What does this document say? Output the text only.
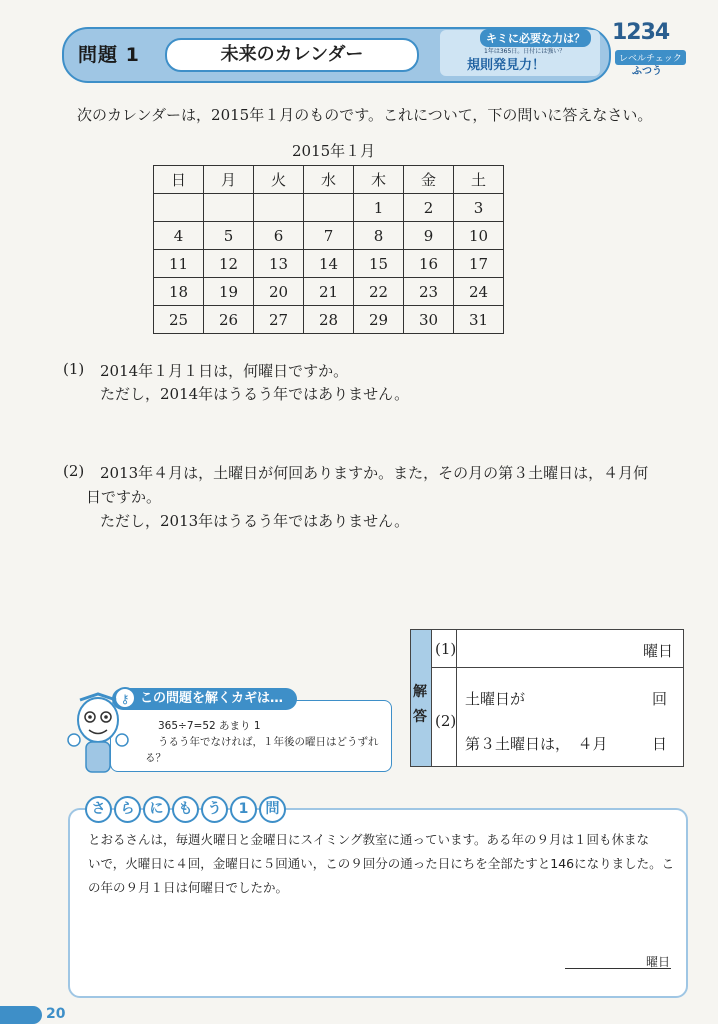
問題 1	未来のカレンダー
キミに必要な力は？
1年は365日。日付には強い？
規則発見力！
1234
レベルチェック
ふつう
次のカレンダーは，2015年１月のものです。これについて，下の問いに答えなさい。
2015年１月
日	月	火	水	木	金	土
				1	2	3
4	5	6	7	8	9	10
11	12	13	14	15	16	17
18	19	20	21	22	23	24
25	26	27	28	29	30	31
(1) 2014年１月１日は，何曜日ですか。
ただし，2014年はうるう年ではありません。
(2) 2013年４月は，土曜日が何回ありますか。また，その月の第３土曜日は，４月何
日ですか。
ただし，2013年はうるう年ではありません。
解
答
(1)	曜日
(2)
土曜日が	回
第３土曜日は，　４月	日
この問題を解くカギは…
⚷
365÷7=52 あまり 1
うるう年でなければ，１年後の曜日はどうずれ
る？
さ	ら	に	も	う	1	問
とおるさんは，毎週火曜日と金曜日にスイミング教室に通っています。ある年の９月は１回も休まな
いで，火曜日に４回，金曜日に５回通い，この９回分の通った日にちを全部たすと146になりました。こ
の年の９月１日は何曜日でしたか。
曜日
20
